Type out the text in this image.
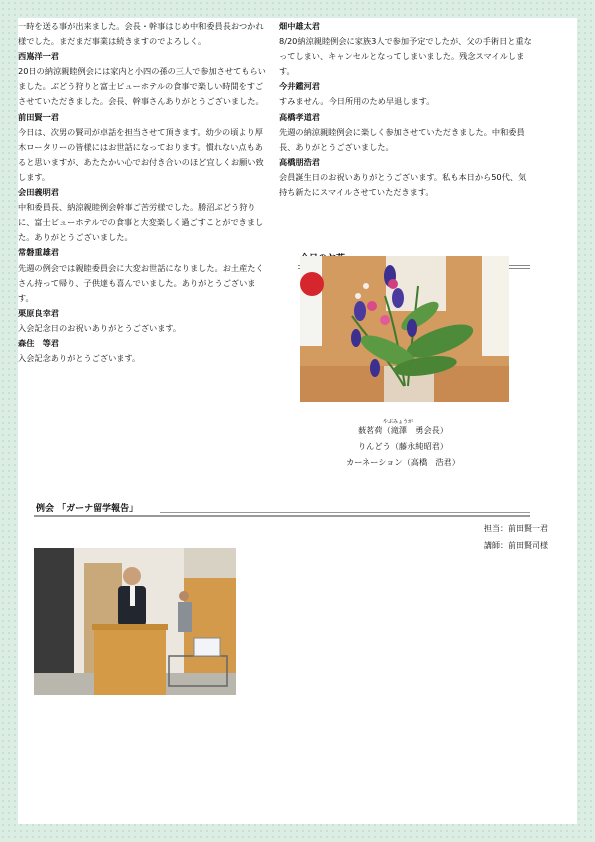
一時を送る事が出来ました。会長・幹事はじめ中和委員長おつかれ様でした。まだまだ事業は続きますのでよろしく。

西嶌洋一君

20日の納涼親睦例会には家内と小四の孫の三人で参加させてもらいました。ぶどう狩りと富士ビューホテルの食事で楽しい時間をすごさせていただきました。会長、幹事さんありがとうございました。

前田賢一君

今日は、次男の賢司が卓話を担当させて頂きます。幼少の頃より厚木ロータリーの皆様にはお世話になっております。慣れない点もあると思いますが、あたたかい心でお付き合いのほど宜しくお願い致します。

会田義明君

中和委員長、納涼親睦例会幹事ご苦労様でした。勝沼ぶどう狩りに、富士ビューホテルでの食事と大変楽しく過ごすことができました。ありがとうございました。

常磐重雄君

先週の例会では親睦委員会に大変お世話になりました。お土産たくさん持って帰り、子供達も喜んでいました。ありがとうございます。

栗原良幸君

入会記念日のお祝いありがとうございます。

森住　等君

入会記念ありがとうございます。

畑中雄太君

8/20納涼親睦例会に家族3人で参加予定でしたが、父の手術日と重なってしまい、キャンセルとなってしまいました。残念スマイルします。

今井鑑河君

すみません。今日所用のため早退します。

高橋孝道君

先週の納涼親睦例会に楽しく参加させていただきました。中和委員長、ありがとうございました。

高橋朋浩君

会員誕生日のお祝いありがとうございます。私も本日から50代、気持ち新たにスマイルさせていただきます。

やぶみょうが
薮茗荷（滝澤　勇会長）
りんどう（藤永純昭君）
カーネーション（高橋　浩君）
例会 「ガーナ留学報告」
担当：前田賢一君
講師：前田賢司様
